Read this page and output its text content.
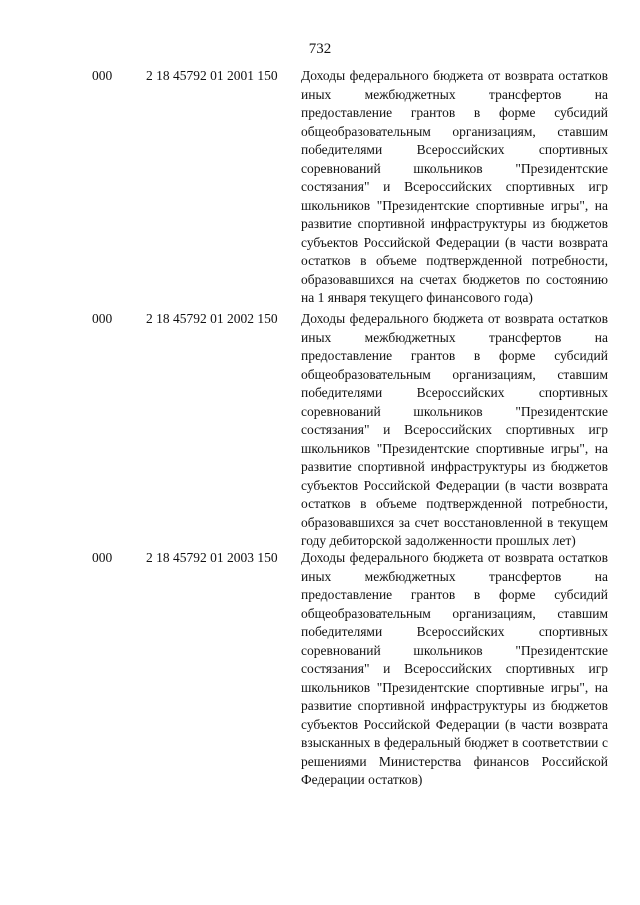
732
000	2 18 45792 01 2001 150 Доходы федерального бюджета от возврата остатков иных межбюджетных трансфертов на предоставление грантов в форме субсидий общеобразовательным организациям, ставшим победителями Всероссийских спортивных соревнований школьников "Президентские состязания" и Всероссийских спортивных игр школьников "Президентские спортивные игры", на развитие спортивной инфраструктуры из бюджетов субъектов Российской Федерации (в части возврата остатков в объеме подтвержденной потребности, образовавшихся на счетах бюджетов по состоянию на 1 января текущего финансового года)
000	2 18 45792 01 2002 150 Доходы федерального бюджета от возврата остатков иных межбюджетных трансфертов на предоставление грантов в форме субсидий общеобразовательным организациям, ставшим победителями Всероссийских спортивных соревнований школьников "Президентские состязания" и Всероссийских спортивных игр школьников "Президентские спортивные игры", на развитие спортивной инфраструктуры из бюджетов субъектов Российской Федерации (в части возврата остатков в объеме подтвержденной потребности, образовавшихся за счет восстановленной в текущем году дебиторской задолженности прошлых лет)
000	2 18 45792 01 2003 150 Доходы федерального бюджета от возврата остатков иных межбюджетных трансфертов на предоставление грантов в форме субсидий общеобразовательным организациям, ставшим победителями Всероссийских спортивных соревнований школьников "Президентские состязания" и Всероссийских спортивных игр школьников "Президентские спортивные игры", на развитие спортивной инфраструктуры из бюджетов субъектов Российской Федерации (в части возврата взысканных в федеральный бюджет в соответствии с решениями Министерства финансов Российской Федерации остатков)
